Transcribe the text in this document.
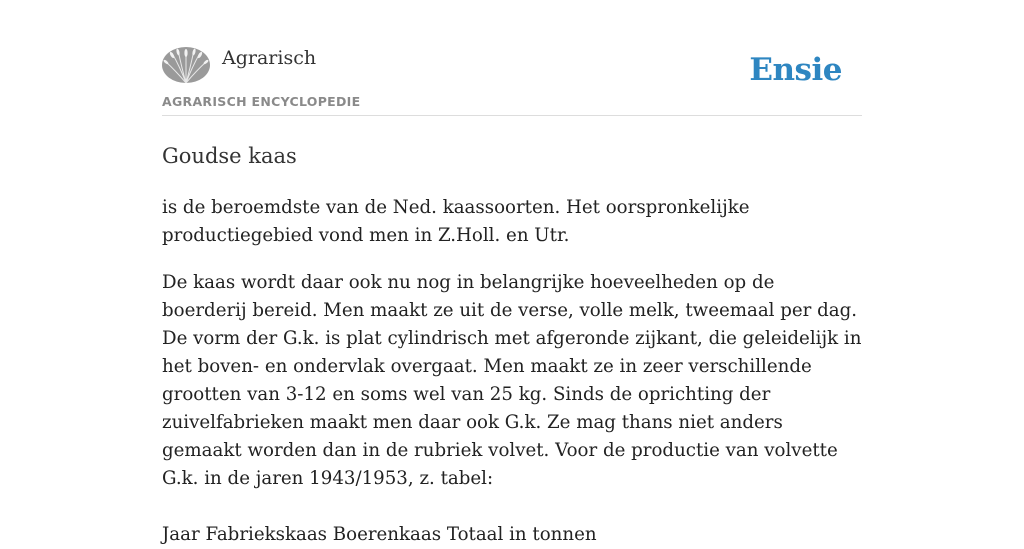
Agrarisch
AGRARISCH ENCYCLOPEDIE
Ensie
Goudse kaas

is de beroemdste van de Ned. kaassoorten. Het oorspronkelijke productiegebied vond men in Z.Holl. en Utr.

De kaas wordt daar ook nu nog in belangrijke hoeveelheden op de boerderij bereid. Men maakt ze uit de verse, volle melk, tweemaal per dag. De vorm der G.k. is plat cylindrisch met afgeronde zijkant, die geleidelijk in het boven- en ondervlak overgaat. Men maakt ze in zeer verschillende grootten van 3-12 en soms wel van 25 kg. Sinds de oprichting der zuivelfabrieken maakt men daar ook G.k. Ze mag thans niet anders gemaakt worden dan in de rubriek volvet. Voor de productie van volvette G.k. in de jaren 1943/1953, z. tabel:

Jaar Fabriekskaas Boerenkaas Totaal in tonnen
